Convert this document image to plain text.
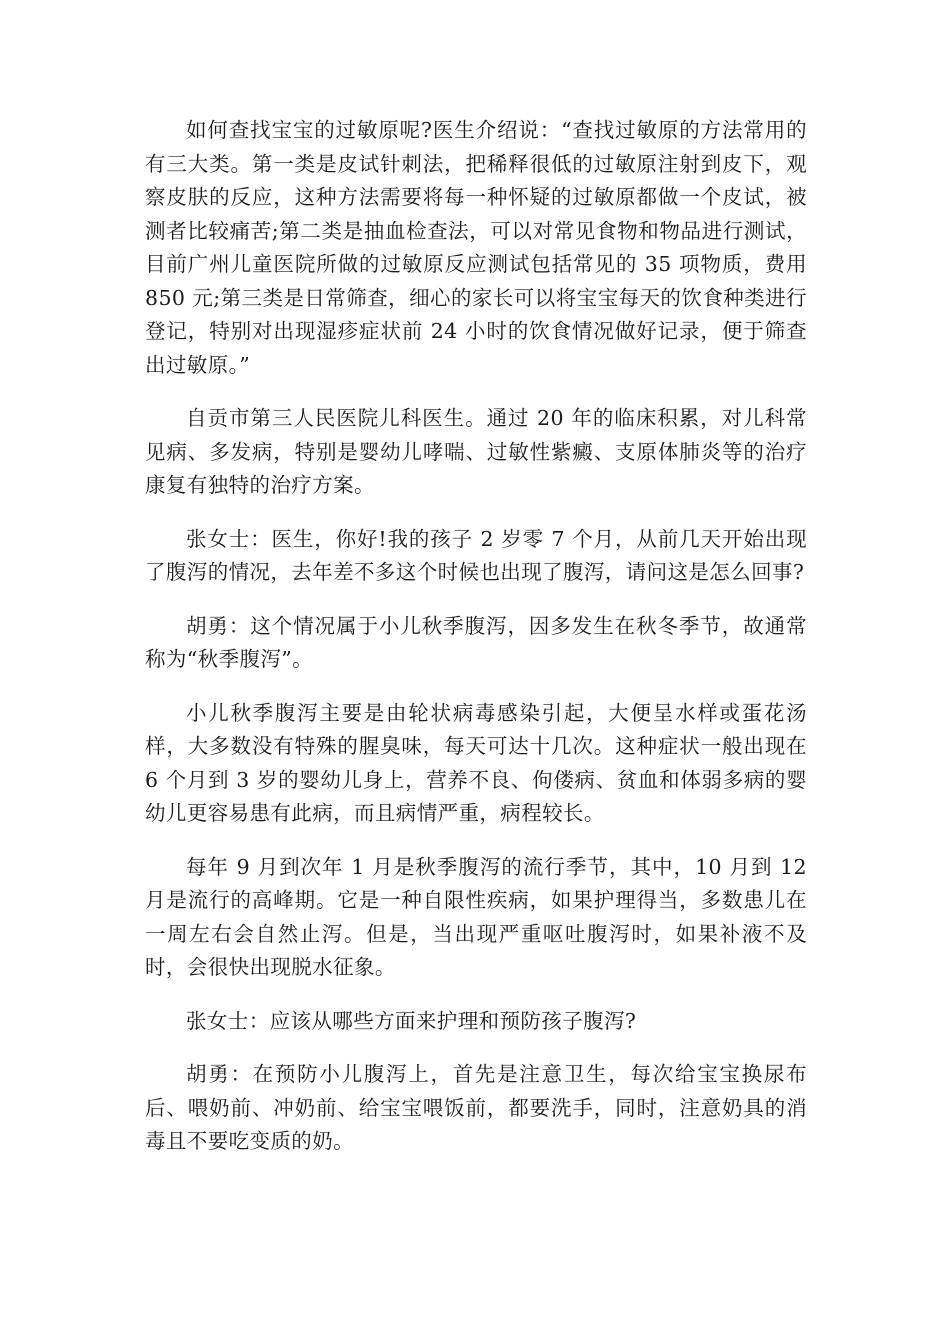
如何查找宝宝的过敏原呢?医生介绍说：“查找过敏原的方法常用的有三大类。第一类是皮试针刺法，把稀释很低的过敏原注射到皮下，观察皮肤的反应，这种方法需要将每一种怀疑的过敏原都做一个皮试，被测者比较痛苦;第二类是抽血检查法，可以对常见食物和物品进行测试，目前广州儿童医院所做的过敏原反应测试包括常见的 35 项物质，费用 850 元;第三类是日常筛查，细心的家长可以将宝宝每天的饮食种类进行登记，特别对出现湿疹症状前 24 小时的饮食情况做好记录，便于筛查出过敏原。”

自贡市第三人民医院儿科医生。通过 20 年的临床积累，对儿科常见病、多发病，特别是婴幼儿哮喘、过敏性紫癜、支原体肺炎等的治疗康复有独特的治疗方案。

张女士：医生，你好!我的孩子 2 岁零 7 个月，从前几天开始出现了腹泻的情况，去年差不多这个时候也出现了腹泻，请问这是怎么回事?

胡勇：这个情况属于小儿秋季腹泻，因多发生在秋冬季节，故通常称为“秋季腹泻”。

小儿秋季腹泻主要是由轮状病毒感染引起，大便呈水样或蛋花汤样，大多数没有特殊的腥臭味，每天可达十几次。这种症状一般出现在 6 个月到 3 岁的婴幼儿身上，营养不良、佝偻病、贫血和体弱多病的婴幼儿更容易患有此病，而且病情严重，病程较长。

每年 9 月到次年 1 月是秋季腹泻的流行季节，其中，10 月到 12 月是流行的高峰期。它是一种自限性疾病，如果护理得当，多数患儿在一周左右会自然止泻。但是，当出现严重呕吐腹泻时，如果补液不及时，会很快出现脱水征象。

张女士：应该从哪些方面来护理和预防孩子腹泻?

胡勇：在预防小儿腹泻上，首先是注意卫生，每次给宝宝换尿布后、喂奶前、冲奶前、给宝宝喂饭前，都要洗手，同时，注意奶具的消毒且不要吃变质的奶。
